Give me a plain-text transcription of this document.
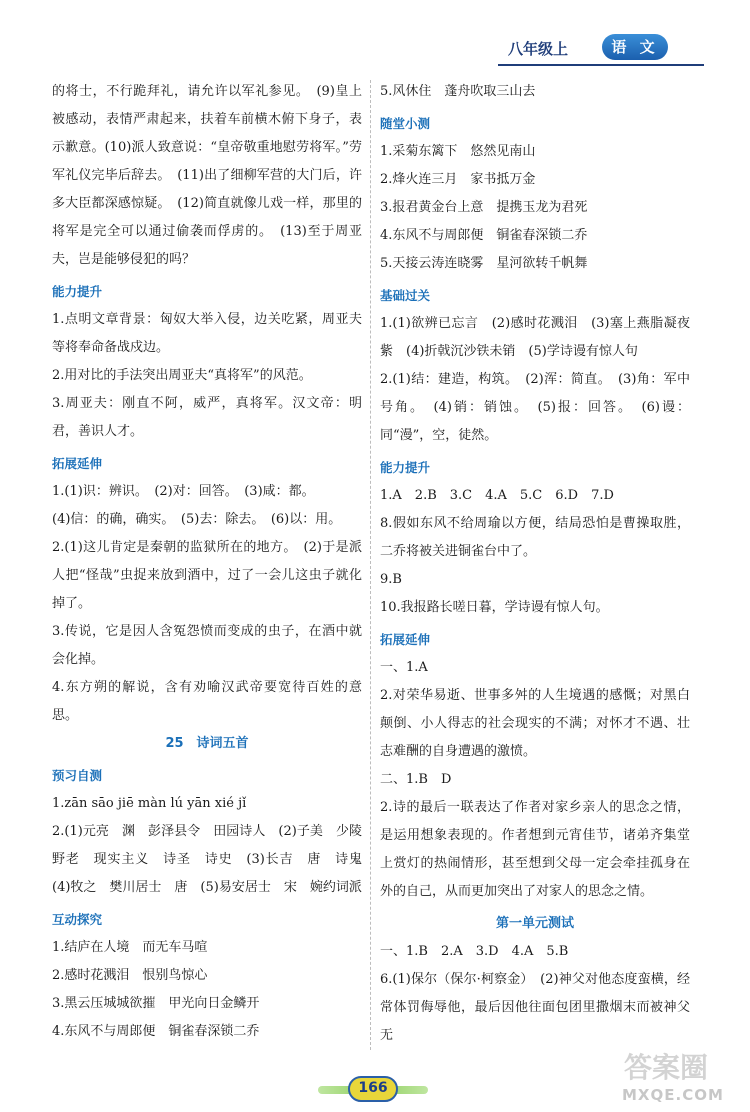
八年级上	语 文
的将士，不行跪拜礼，请允许以军礼参见。　(9)皇上被感动，表情严肃起来，扶着车前横木俯下身子，表示歉意。(10)派人致意说：“皇帝敬重地慰劳将军。”劳军礼仪完毕后辞去。　(11)出了细柳军营的大门后，许多大臣都深感惊疑。　(12)简直就像儿戏一样，那里的将军是完全可以通过偷袭而俘虏的。　(13)至于周亚夫，岂是能够侵犯的吗？
能力提升
1.点明文章背景：匈奴大举入侵，边关吃紧，周亚夫等将奉命备战戍边。
2.用对比的手法突出周亚夫“真将军”的风范。
3.周亚夫：刚直不阿，威严，真将军。汉文帝：明君，善识人才。
拓展延伸
1.(1)识：辨识。　(2)对：回答。　(3)咸：都。
(4)信：的确，确实。　(5)去：除去。　(6)以：用。
2.(1)这儿肯定是秦朝的监狱所在的地方。　(2)于是派人把“怪哉”虫捉来放到酒中，过了一会儿这虫子就化掉了。
3.传说，它是因人含冤怨愤而变成的虫子，在酒中就会化掉。
4.东方朔的解说，含有劝喻汉武帝要宽待百姓的意思。
25　诗词五首
预习自测
1.zān sāo jiē màn lú yān xié jǐ
2.(1)元亮　渊　彭泽县令　田园诗人　(2)子美　少陵野老　现实主义　诗圣　诗史　(3)长吉　唐　诗鬼　(4)牧之　樊川居士　唐　(5)易安居士　宋　婉约词派
互动探究
1.结庐在人境　而无车马喧
2.感时花溅泪　恨别鸟惊心
3.黑云压城城欲摧　甲光向日金鳞开
4.东风不与周郎便　铜雀春深锁二乔
5.风休住　蓬舟吹取三山去
随堂小测
1.采菊东篱下　悠然见南山
2.烽火连三月　家书抵万金
3.报君黄金台上意　提携玉龙为君死
4.东风不与周郎便　铜雀春深锁二乔
5.天接云涛连晓雾　星河欲转千帆舞
基础过关
1.(1)欲辨已忘言　(2)感时花溅泪　(3)塞上燕脂凝夜紫　(4)折戟沉沙铁未销　(5)学诗谩有惊人句
2.(1)结：建造，构筑。　(2)浑：简直。　(3)角：军中号角。　(4)销：销蚀。　(5)报：回答。　(6)谩：同“漫”，空，徒然。
能力提升
1.A　2.B　3.C　4.A　5.C　6.D　7.D
8.假如东风不给周瑜以方便，结局恐怕是曹操取胜，二乔将被关进铜雀台中了。
9.B
10.我报路长嗟日暮，学诗谩有惊人句。
拓展延伸
一、1.A
2.对荣华易逝、世事多舛的人生境遇的感慨；对黑白颠倒、小人得志的社会现实的不满；对怀才不遇、壮志难酬的自身遭遇的激愤。
二、1.B　D
2.诗的最后一联表达了作者对家乡亲人的思念之情，是运用想象表现的。作者想到元宵佳节，诸弟齐集堂上赏灯的热闹情形，甚至想到父母一定会牵挂孤身在外的自己，从而更加突出了对家人的思念之情。
第一单元测试
一、1.B　2.A　3.D　4.A　5.B
6.(1)保尔（保尔·柯察金）　(2)神父对他态度蛮横，经常体罚侮辱他，最后因他往面包团里撒烟末而被神父无
166
答案圈
MXQE.COM
